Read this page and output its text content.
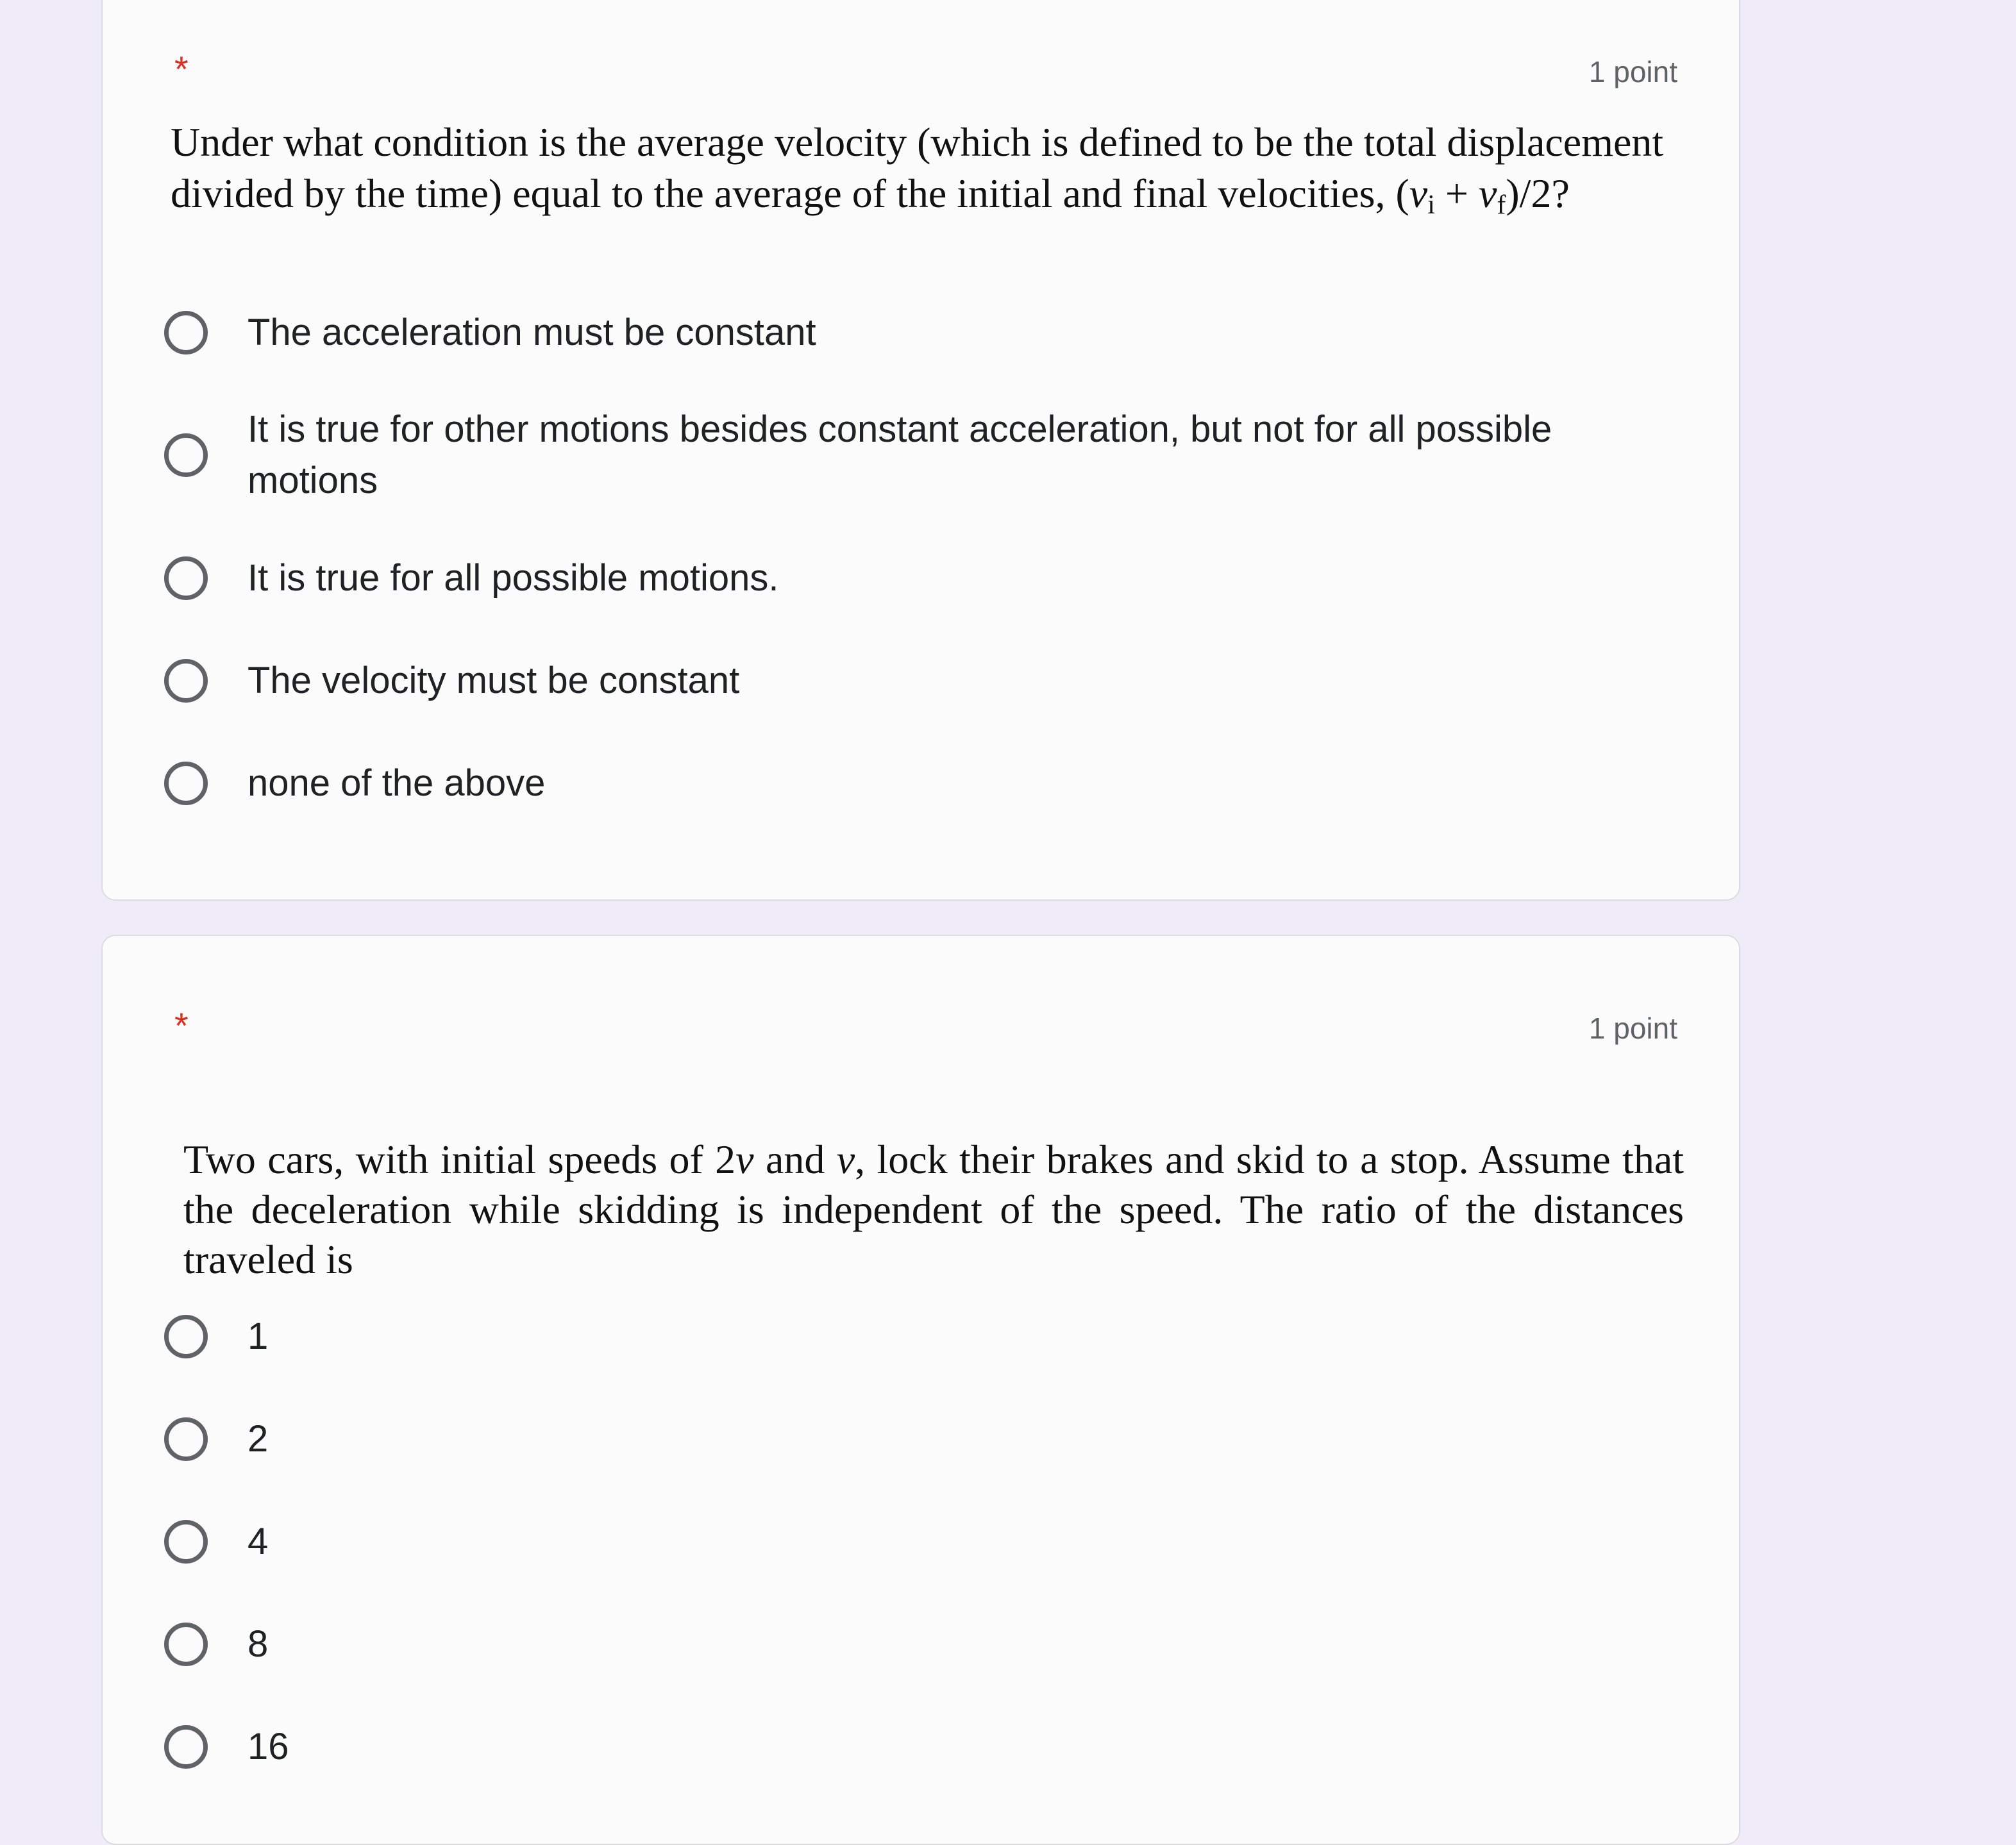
*	1 point
Under what condition is the average velocity (which is defined to be the total displacement
divided by the time) equal to the average of the initial and final velocities, $(v_i + v_f)/2$?
The acceleration must be constant
It is true for other motions besides constant acceleration, but not for all possible motions
It is true for all possible motions.
The velocity must be constant
none of the above
*	1 point
Two cars, with initial speeds of 2v and v, lock their brakes and skid to a stop. Assume that the deceleration while skidding is independent of the speed. The ratio of the distances traveled is
1
2
4
8
16
